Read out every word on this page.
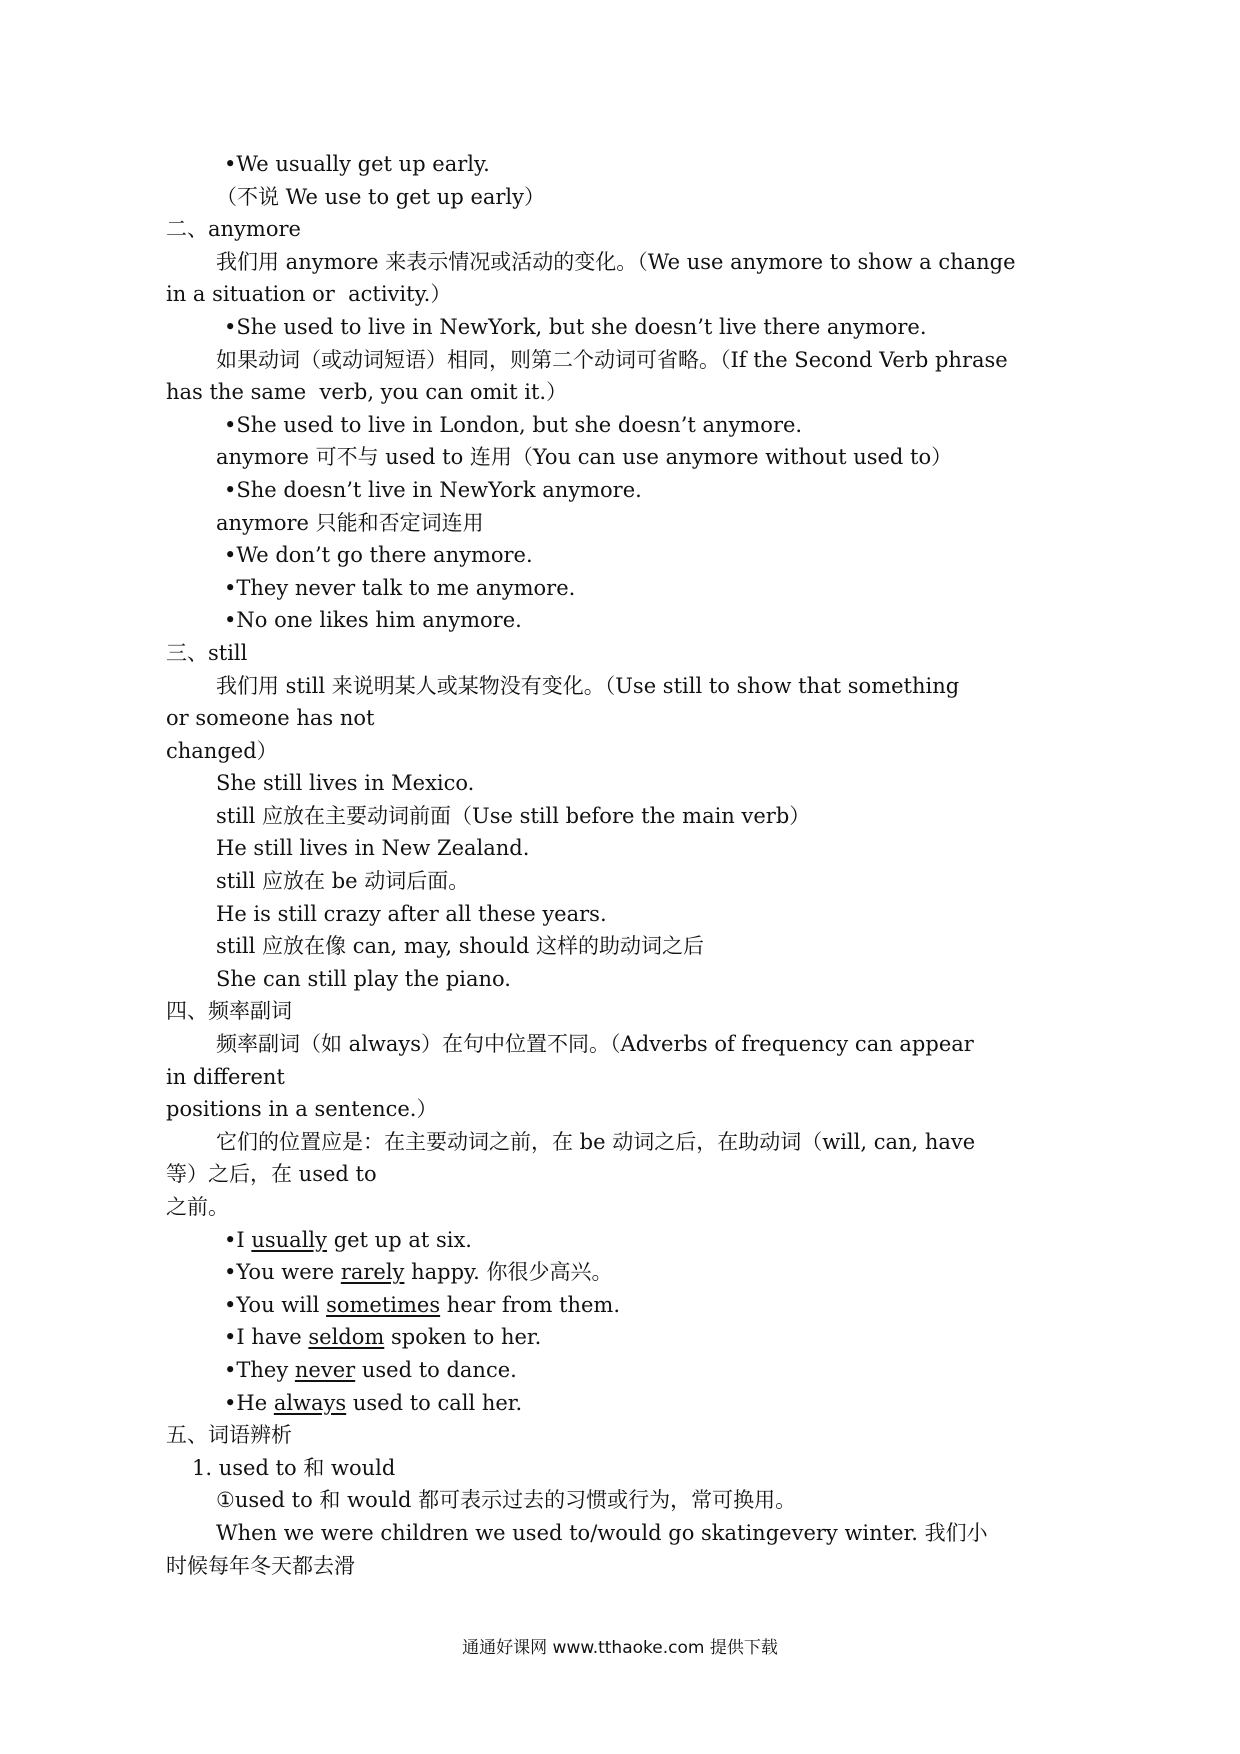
•We usually get up early.
（不说 We use to get up early）
二、anymore
我们用 anymore 来表示情况或活动的变化。（We use anymore to show a change
in a situation or  activity.）
•She used to live in NewYork, but she doesn’t live there anymore.
如果动词（或动词短语）相同，则第二个动词可省略。（If the Second Verb phrase
has the same  verb, you can omit it.）
•She used to live in London, but she doesn’t anymore.
anymore 可不与 used to 连用（You can use anymore without used to）
•She doesn’t live in NewYork anymore.
anymore 只能和否定词连用
•We don’t go there anymore.
•They never talk to me anymore.
•No one likes him anymore.
三、still
我们用 still 来说明某人或某物没有变化。（Use still to show that something
or someone has not
changed）
She still lives in Mexico.
still 应放在主要动词前面（Use still before the main verb）
He still lives in New Zealand.
still 应放在 be 动词后面。
He is still crazy after all these years.
still 应放在像 can, may, should 这样的助动词之后
She can still play the piano.
四、频率副词
频率副词（如 always）在句中位置不同。（Adverbs of frequency can appear
in different
positions in a sentence.）
它们的位置应是：在主要动词之前，在 be 动词之后，在助动词（will, can, have
等）之后，在 used to
之前。
•I usually get up at six.
•You were rarely happy. 你很少高兴。
•You will sometimes hear from them.
•I have seldom spoken to her.
•They never used to dance.
•He always used to call her.
五、词语辨析
1. used to 和 would
①used to 和 would 都可表示过去的习惯或行为，常可换用。
When we were children we used to/would go skatingevery winter. 我们小
时候每年冬天都去滑
通通好课网 www.tthaoke.com 提供下载
